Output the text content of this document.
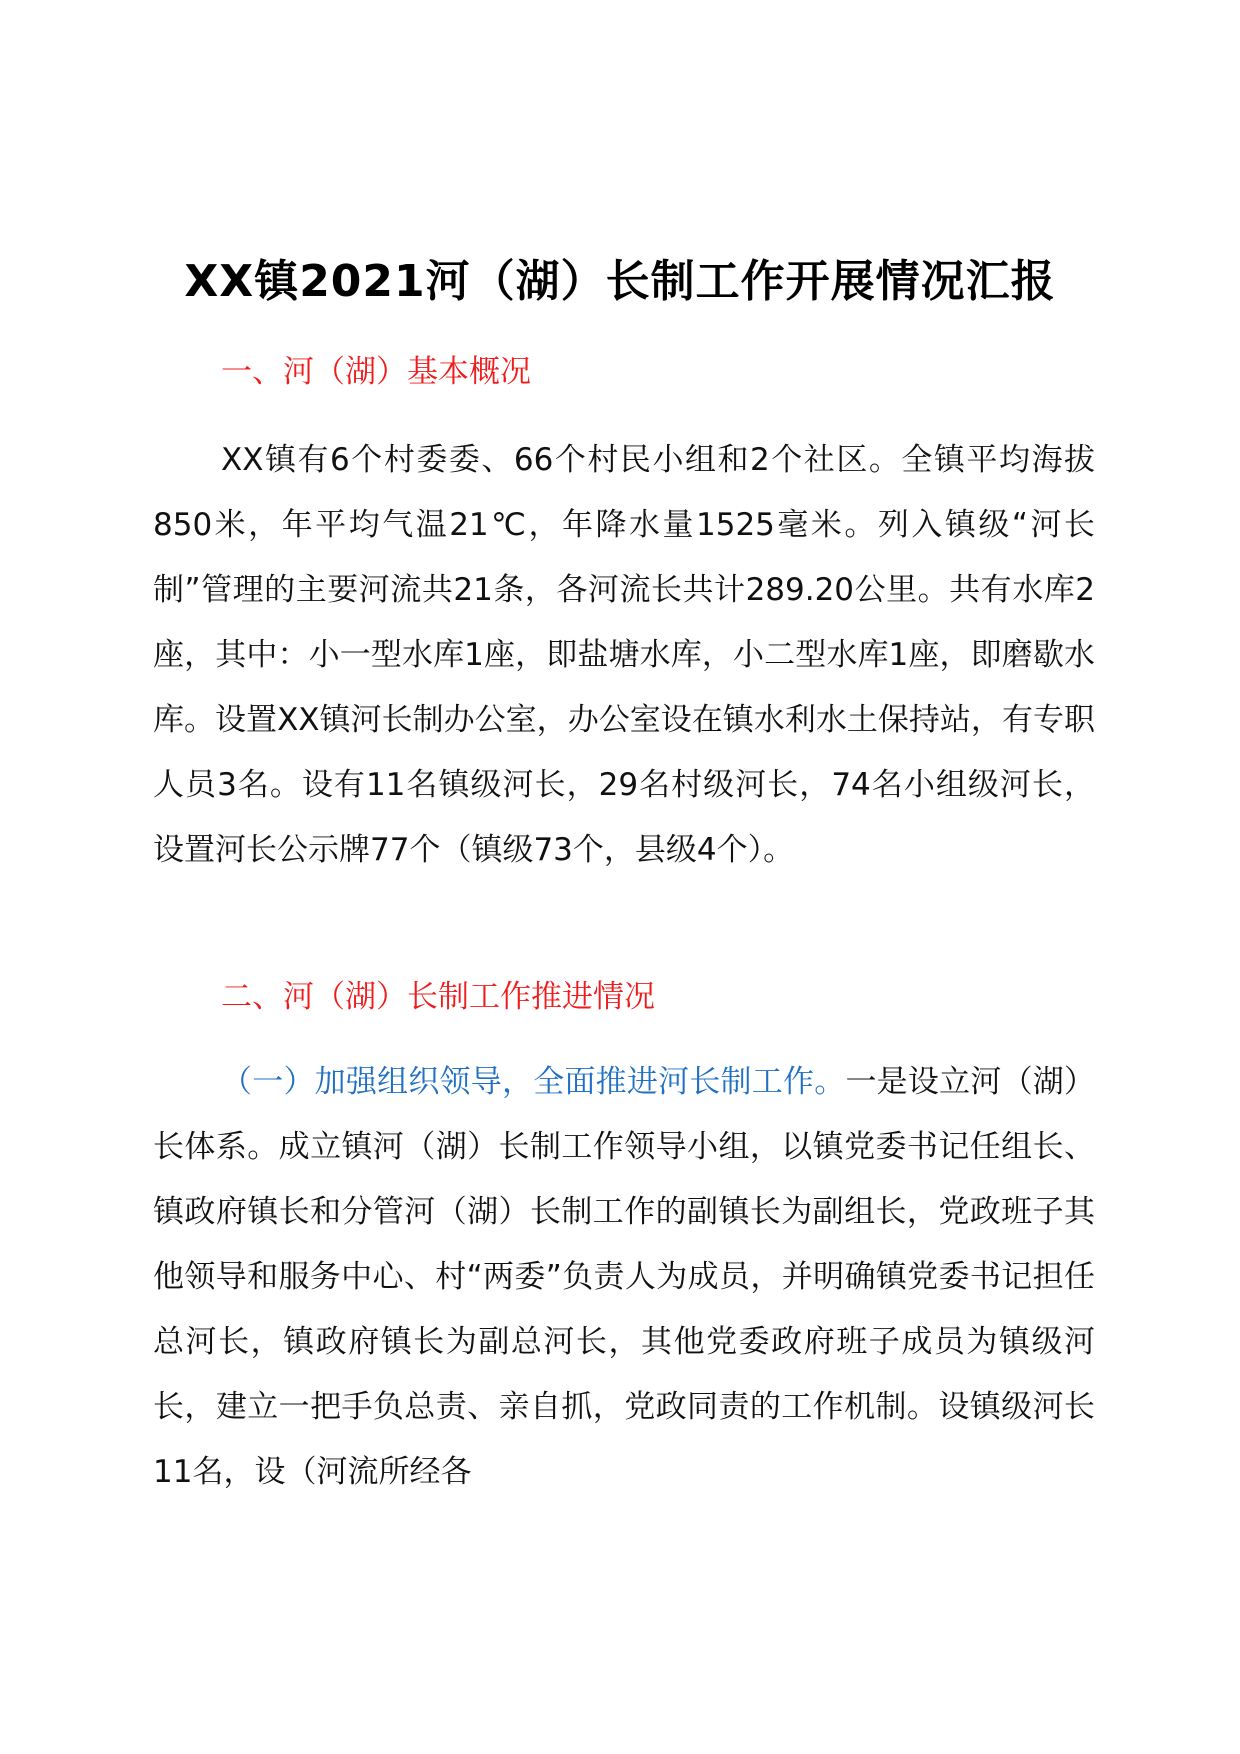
XX镇2021河（湖）长制工作开展情况汇报

一、河（湖）基本概况

XX镇有6个村委委、66个村民小组和2个社区。全镇平均海拔850米，年平均气温21℃，年降水量1525毫米。列入镇级“河长制”管理的主要河流共21条，各河流长共计289.20公里。共有水库2座，其中：小一型水库1座，即盐塘水库，小二型水库1座，即磨歇水库。设置XX镇河长制办公室，办公室设在镇水利水土保持站，有专职人员3名。设有11名镇级河长，29名村级河长，74名小组级河长，设置河长公示牌77个（镇级73个，县级4个）。

二、河（湖）长制工作推进情况

（一）加强组织领导，全面推进河长制工作。一是设立河（湖）长体系。成立镇河（湖）长制工作领导小组，以镇党委书记任组长、镇政府镇长和分管河（湖）长制工作的副镇长为副组长，党政班子其他领导和服务中心、村“两委”负责人为成员，并明确镇党委书记担任总河长，镇政府镇长为副总河长，其他党委政府班子成员为镇级河长，建立一把手负总责、亲自抓，党政同责的工作机制。设镇级河长11名，设（河流所经各
